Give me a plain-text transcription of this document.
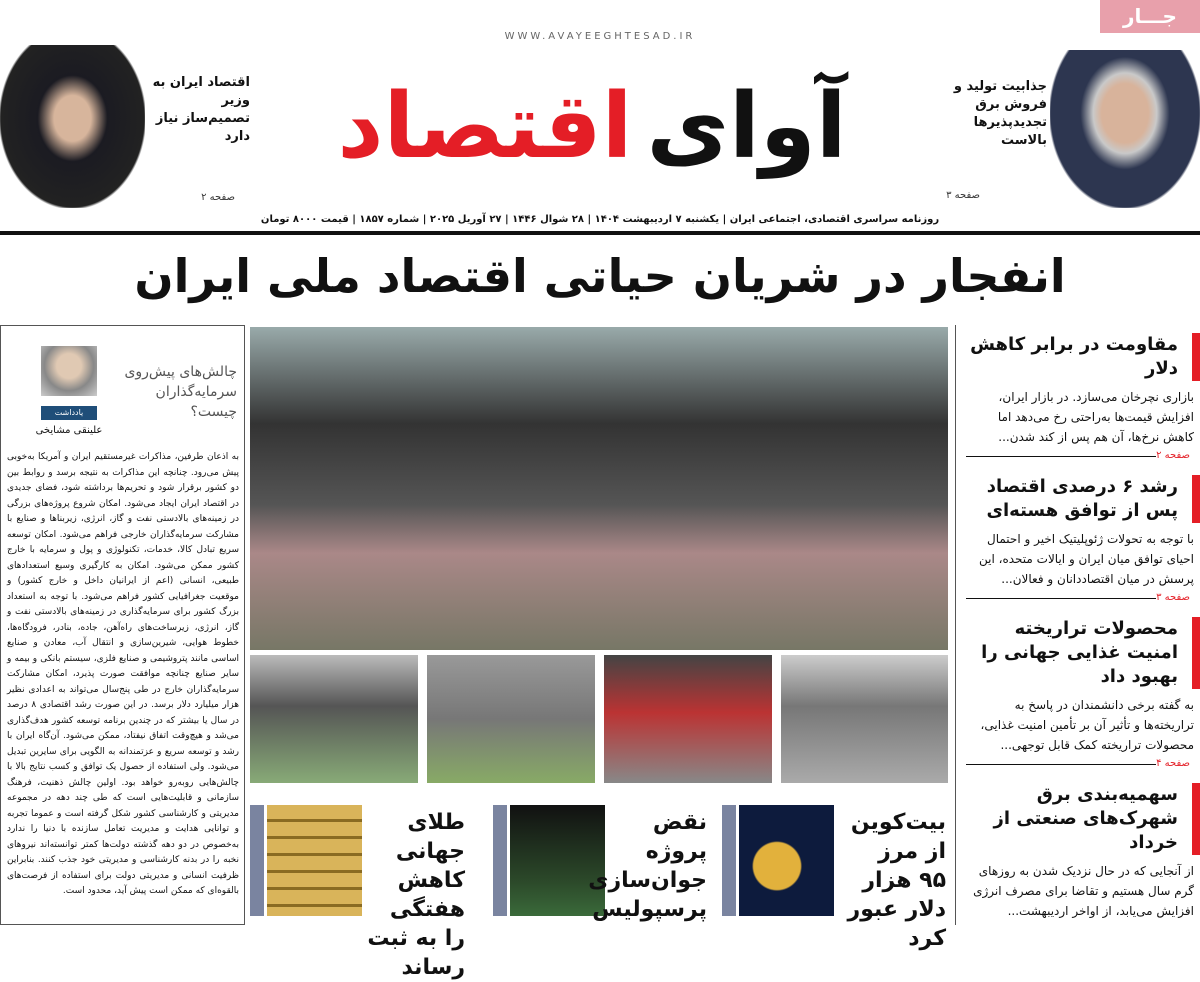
جـــار
WWW.AVAYEEGHTESAD.IR
آوای
اقتصاد
اقتصاد ایران به وزیر تصمیم‌ساز نیاز دارد
صفحه ۲
جذابیت تولید و فروش برق تجدیدپذیرها بالاست
صفحه ۳
روزنامه سراسری اقتصادی، اجتماعی ایران | یکشنبه ۷ اردیبهشت ۱۴۰۴ | ۲۸ شوال ۱۴۴۶ | ۲۷ آوریل ۲۰۲۵ | شماره ۱۸۵۷ | قیمت ۸۰۰۰ تومان
انفجار در شریان حیاتی اقتصاد ملی ایران
یادداشت
علینقی مشایخی
چالش‌های پیش‌روی سرمایه‌گذاران چیست؟
به اذعان طرفین، مذاکرات غیرمستقیم ایران و آمریکا به‌خوبی پیش می‌رود. چنانچه این مذاکرات به نتیجه برسد و روابط بین دو کشور برقرار شود و تحریم‌ها برداشته شود، فضای جدیدی در اقتصاد ایران ایجاد می‌شود. امکان شروع پروژه‌های بزرگی در زمینه‌های بالادستی نفت و گاز، انرژی، زیربناها و صنایع با مشارکت سرمایه‌گذاران خارجی فراهم می‌شود. امکان توسعه سریع تبادل کالا، خدمات، تکنولوژی و پول و سرمایه با خارج کشور ممکن می‌شود. امکان به کارگیری وسیع استعدادهای طبیعی، انسانی (اعم از ایرانیان داخل و خارج کشور) و موقعیت جغرافیایی کشور فراهم می‌شود. با توجه به استعداد بزرگ کشور برای سرمایه‌گذاری در زمینه‌های بالادستی نفت و گاز، انرژی، زیرساخت‌های راه‌آهن، جاده، بنادر، فرودگاه‌ها، خطوط هوایی، شیرین‌سازی و انتقال آب، معادن و صنایع اساسی مانند پتروشیمی و صنایع فلزی، سیستم بانکی و بیمه و سایر صنایع چنانچه موافقت صورت پذیرد، امکان مشارکت سرمایه‌گذاران خارج در طی پنج‌سال می‌تواند به اعدادی نظیر هزار میلیارد دلار برسد. در این صورت رشد اقتصادی ۸ درصد در سال یا بیشتر که در چندین برنامه توسعه کشور هدف‌گذاری می‌شد و هیچ‌وقت اتفاق نیفتاد، ممکن می‌شود. آن‌گاه ایران با رشد و توسعه سریع و عزتمندانه به الگویی برای سایرین تبدیل می‌شود. ولی استفاده از حصول یک توافق و کسب نتایج بالا با چالش‌هایی روبه‌رو خواهد بود. اولین چالش ذهنیت، فرهنگ سازمانی و قابلیت‌هایی است که طی چند دهه در مجموعه مدیریتی و کارشناسی کشور شکل گرفته است و عموما تجربه و توانایی هدایت و مدیریت تعامل سازنده با دنیا را ندارد به‌خصوص در دو دهه گذشته دولت‌ها کمتر توانسته‌اند نیروهای نخبه را در بدنه کارشناسی و مدیریتی خود جذب کنند. بنابراین ظرفیت انسانی و مدیریتی دولت برای استفاده از فرصت‌های بالقوه‌ای که ممکن است پیش آید، محدود است.
طلای جهانی کاهش هفتگی را به ثبت رساند
نقض پروژه جوان‌سازی پرسپولیس
بیت‌کوین از مرز ۹۵ هزار دلار عبور کرد
مقاومت در برابر کاهش دلار

بازاری نچرخان می‌سازد. در بازار ایران، افزایش قیمت‌ها به‌راحتی رخ می‌دهد اما کاهش نرخ‌ها، آن هم پس از کند شدن...

صفحه ۲
رشد ۶ درصدی اقتصاد پس از توافق هسته‌ای

با توجه به تحولات ژئوپلیتیک اخیر و احتمال احیای توافق میان ایران و ایالات متحده، این پرسش در میان اقتصاددانان و فعالان...

صفحه ۳
محصولات تراریخته امنیت غذایی جهانی را بهبود داد

به گفته برخی دانشمندان در پاسخ به تراریخته‌ها و تأثیر آن بر تأمین امنیت غذایی، محصولات تراریخته کمک قابل توجهی...

صفحه ۴
سهمیه‌بندی برق شهرک‌های صنعتی از خرداد

از آنجایی که در حال نزدیک شدن به روزهای گرم سال هستیم و تقاضا برای مصرف انرژی افزایش می‌یابد، از اواخر اردیبهشت...
